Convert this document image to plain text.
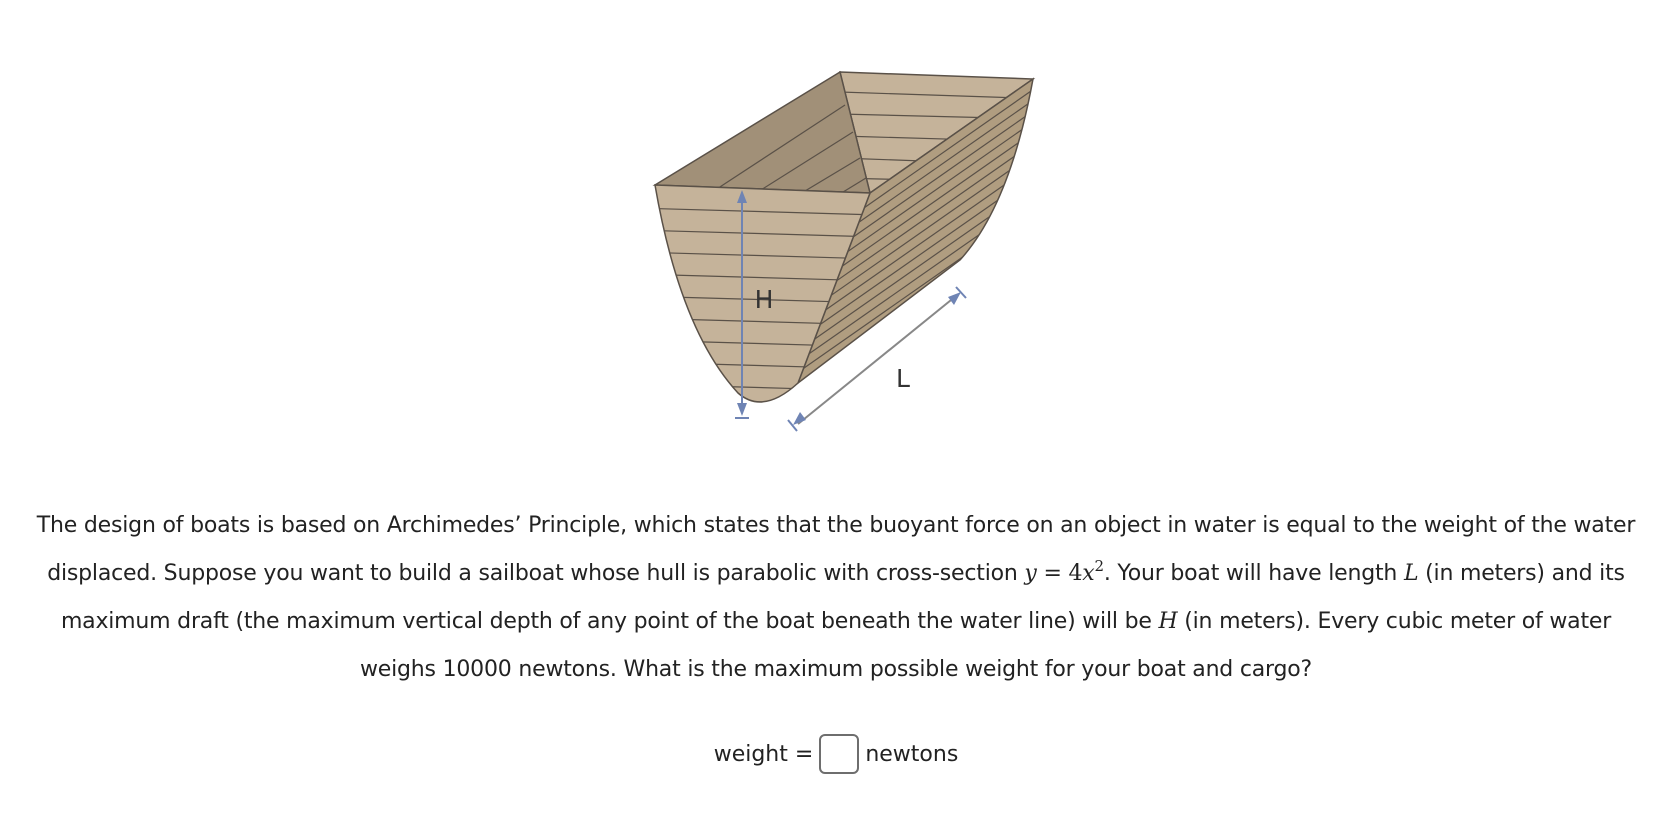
H
L
The design of boats is based on Archimedes’ Principle, which states that the buoyant force on an object in water is equal to the weight of the water displaced. Suppose you want to build a sailboat whose hull is parabolic with cross-section $y = 4x^2$. Your boat will have length L (in meters) and its maximum draft (the maximum vertical depth of any point of the boat beneath the water line) will be H (in meters). Every cubic meter of water weighs 10000 newtons. What is the maximum possible weight for your boat and cargo?
weight = newtons
